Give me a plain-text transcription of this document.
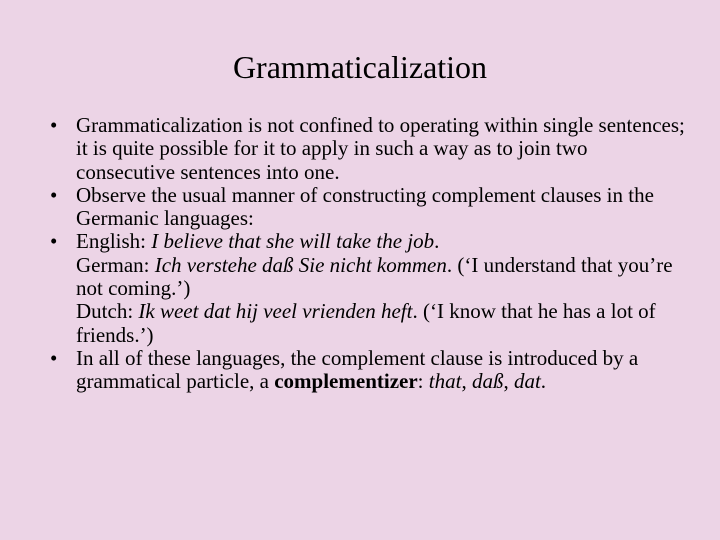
Grammaticalization
• Grammaticalization is not confined to operating within single sentences; it is quite possible for it to apply in such a way as to join two consecutive sentences into one.
• Observe the usual manner of constructing complement clauses in the Germanic languages:
• English: I believe that she will take the job.
German: Ich verstehe daß Sie nicht kommen. (‘I understand that you’re not coming.’)
Dutch: Ik weet dat hij veel vrienden heft. (‘I know that he has a lot of friends.’)
• In all of these languages, the complement clause is introduced by a grammatical particle, a complementizer: that, daß, dat.
